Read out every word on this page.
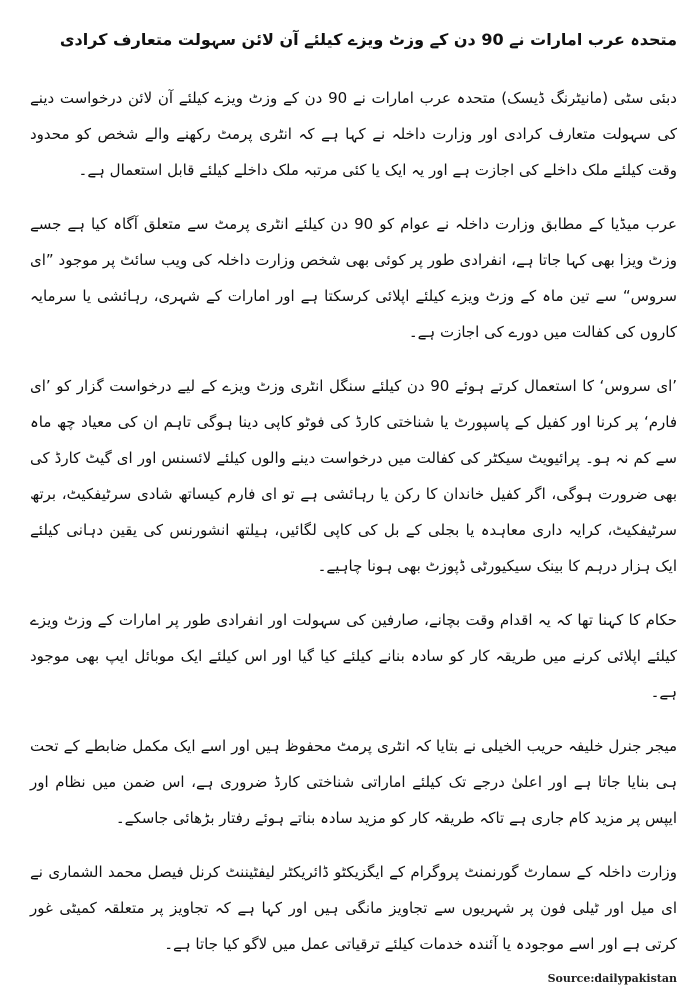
متحدہ عرب امارات نے 90 دن کے وزٹ ویزے کیلئے آن لائن سہولت متعارف کرادی

دبئی سٹی (مانیٹرنگ ڈیسک) متحدہ عرب امارات نے 90 دن کے وزٹ ویزے کیلئے آن لائن درخواست دینے کی سہولت متعارف کرادی اور وزارت داخلہ نے کہا ہے کہ انٹری پرمٹ رکھنے والے شخص کو محدود وقت کیلئے ملک داخلے کی اجازت ہے اور یہ ایک یا کئی مرتبہ ملک داخلے کیلئے قابل استعمال ہے۔

عرب میڈیا کے مطابق وزارت داخلہ نے عوام کو 90 دن کیلئے انٹری پرمٹ سے متعلق آگاہ کیا ہے جسے وزٹ ویزا بھی کہا جاتا ہے، انفرادی طور پر کوئی بھی شخص وزارت داخلہ کی ویب سائٹ پر موجود ”ای سروس“ سے تین ماہ کے وزٹ ویزے کیلئے اپلائی کرسکتا ہے اور امارات کے شہری، رہائشی یا سرمایہ کاروں کی کفالت میں دورے کی اجازت ہے۔

’ای سروس‘ کا استعمال کرتے ہوئے 90 دن کیلئے سنگل انٹری وزٹ ویزے کے لیے درخواست گزار کو ’ای فارم‘ پر کرنا اور کفیل کے پاسپورٹ یا شناختی کارڈ کی فوٹو کاپی دینا ہوگی تاہم ان کی معیاد چھ ماہ سے کم نہ ہو۔ پرائیویٹ سیکٹر کی کفالت میں درخواست دینے والوں کیلئے لائسنس اور ای گیٹ کارڈ کی بھی ضرورت ہوگی، اگر کفیل خاندان کا رکن یا رہائشی ہے تو ای فارم کیساتھ شادی سرٹیفکیٹ، برتھ سرٹیفکیٹ، کرایہ داری معاہدہ یا بجلی کے بل کی کاپی لگائیں، ہیلتھ انشورنس کی یقین دہانی کیلئے ایک ہزار درہم کا بینک سیکیورٹی ڈپوزٹ بھی ہونا چاہیے۔

حکام کا کہنا تھا کہ یہ اقدام وقت بچانے، صارفین کی سہولت اور انفرادی طور پر امارات کے وزٹ ویزے کیلئے اپلائی کرنے میں طریقہ کار کو سادہ بنانے کیلئے کیا گیا اور اس کیلئے ایک موبائل ایپ بھی موجود ہے۔

میجر جنرل خلیفہ حریب الخیلی نے بتایا کہ انٹری پرمٹ محفوظ ہیں اور اسے ایک مکمل ضابطے کے تحت ہی بنایا جاتا ہے اور اعلیٰ درجے تک کیلئے اماراتی شناختی کارڈ ضروری ہے، اس ضمن میں نظام اور ایپس پر مزید کام جاری ہے تاکہ طریقہ کار کو مزید سادہ بناتے ہوئے رفتار بڑھائی جاسکے۔

وزارت داخلہ کے سمارٹ گورنمنٹ پروگرام کے ایگزیکٹو ڈائریکٹر لیفٹیننٹ کرنل فیصل محمد الشماری نے ای میل اور ٹیلی فون پر شہریوں سے تجاویز مانگی ہیں اور کہا ہے کہ تجاویز پر متعلقہ کمیٹی غور کرتی ہے اور اسے موجودہ یا آئندہ خدمات کیلئے ترقیاتی عمل میں لاگو کیا جاتا ہے۔

Source:dailypakistan
